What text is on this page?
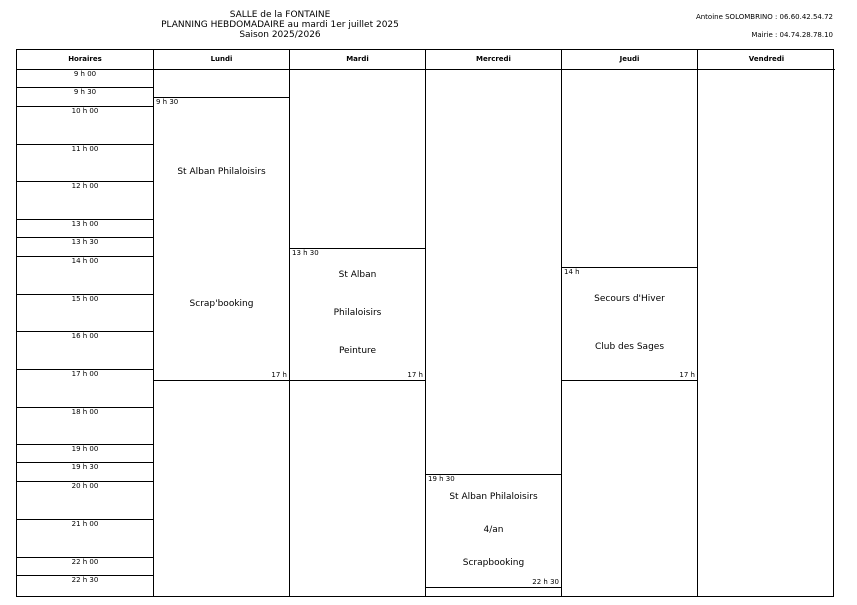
SALLE de la FONTAINE
PLANNING HEBDOMADAIRE au mardi 1er juillet 2025
Saison 2025/2026
Antoine SOLOMBRINO : 06.60.42.54.72
Mairie : 04.74.28.78.10
Horaires
9 h 00
9 h 30
10 h 00
11 h 00
12 h 00
13 h 00
13 h 30
14 h 00
15 h 00
16 h 00
17 h 00
18 h 00
19 h 00
19 h 30
20 h 00
21 h 00
22 h 00
22 h 30
Lundi
9 h 30
St Alban Philaloisirs
Scrap'booking
17 h
Mardi
13 h 30
St Alban
Philaloisirs
Peinture
17 h
Mercredi
19 h 30
St Alban Philaloisirs
4/an
Scrapbooking
22 h 30
Jeudi
14 h
Secours d'Hiver
Club des Sages
17 h
Vendredi
